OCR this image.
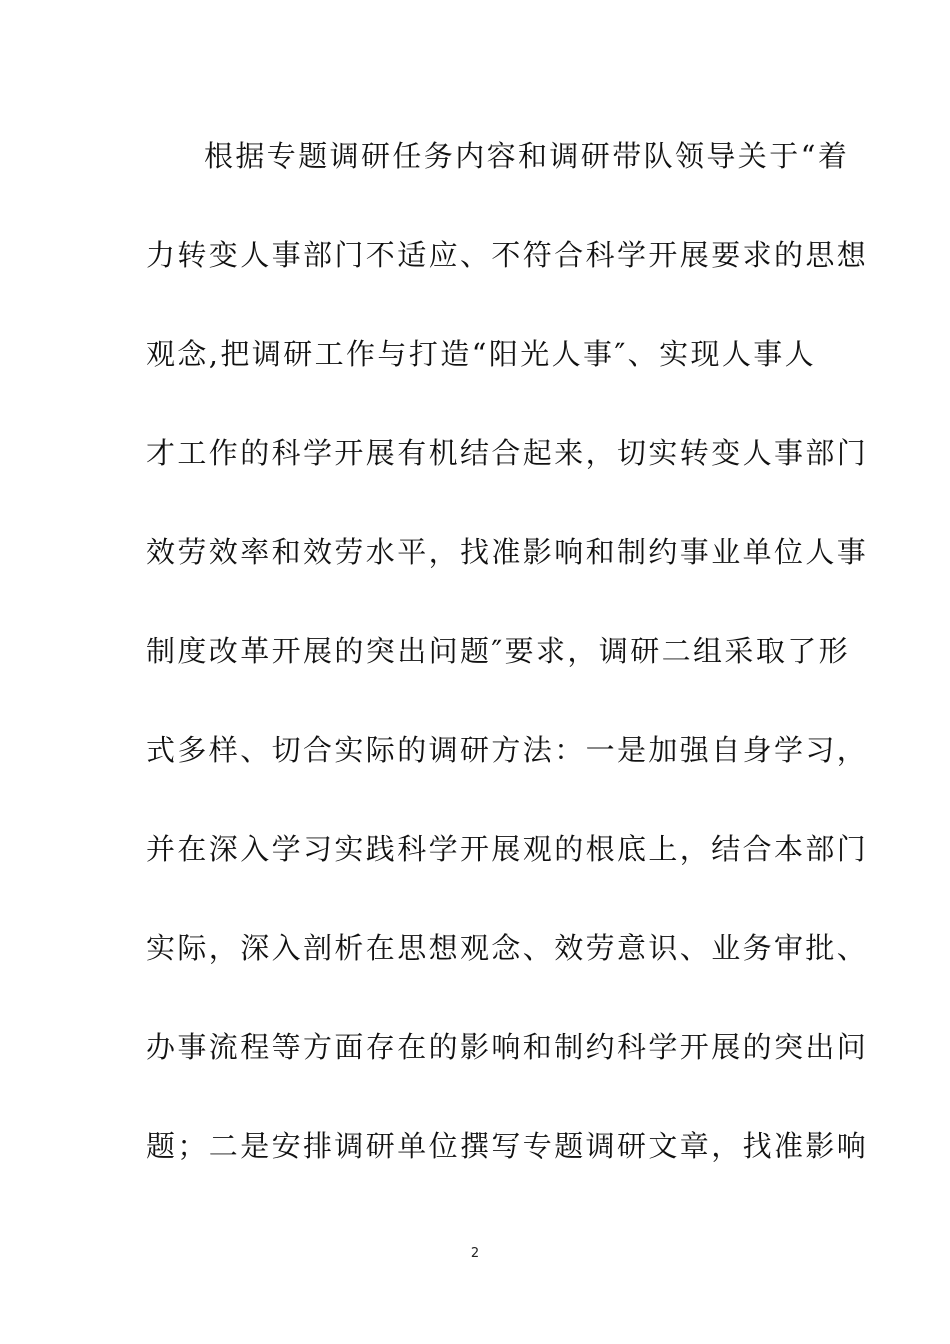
根据专题调研任务内容和调研带队领导关于“着
力转变人事部门不适应、不符合科学开展要求的思想
观念,把调研工作与打造“阳光人事″、实现人事人
才工作的科学开展有机结合起来，切实转变人事部门
效劳效率和效劳水平，找准影响和制约事业单位人事
制度改革开展的突出问题″要求，调研二组采取了形
式多样、切合实际的调研方法：一是加强自身学习，
并在深入学习实践科学开展观的根底上，结合本部门
实际，深入剖析在思想观念、效劳意识、业务审批、
办事流程等方面存在的影响和制约科学开展的突出问
题；二是安排调研单位撰写专题调研文章，找准影响
2
